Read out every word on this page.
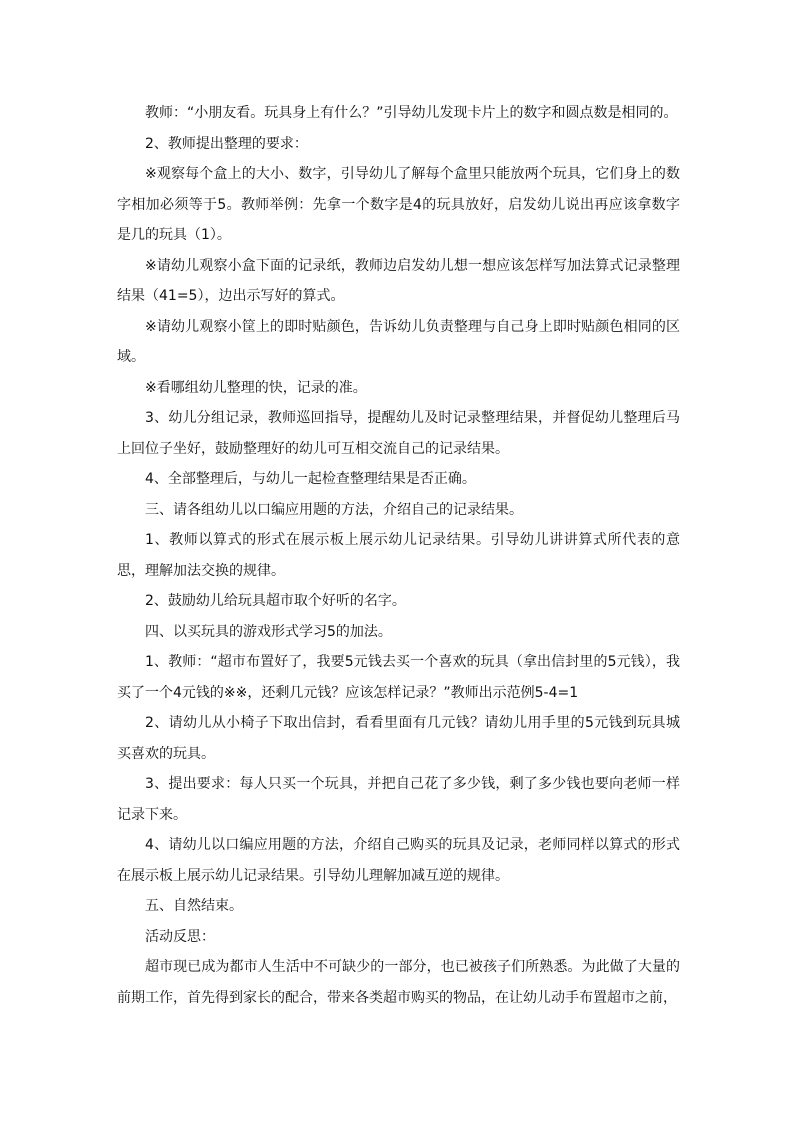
教师：“小朋友看。玩具身上有什么？”引导幼儿发现卡片上的数字和圆点数是相同的。

2、教师提出整理的要求：

※观察每个盒上的大小、数字，引导幼儿了解每个盒里只能放两个玩具，它们身上的数字相加必须等于5。教师举例：先拿一个数字是4的玩具放好，启发幼儿说出再应该拿数字是几的玩具（1）。

※请幼儿观察小盒下面的记录纸，教师边启发幼儿想一想应该怎样写加法算式记录整理结果（41=5），边出示写好的算式。

※请幼儿观察小筐上的即时贴颜色，告诉幼儿负责整理与自己身上即时贴颜色相同的区域。

※看哪组幼儿整理的快，记录的准。

3、幼儿分组记录，教师巡回指导，提醒幼儿及时记录整理结果，并督促幼儿整理后马上回位子坐好，鼓励整理好的幼儿可互相交流自己的记录结果。

4、全部整理后，与幼儿一起检查整理结果是否正确。

三、请各组幼儿以口编应用题的方法，介绍自己的记录结果。

1、教师以算式的形式在展示板上展示幼儿记录结果。引导幼儿讲讲算式所代表的意思，理解加法交换的规律。

2、鼓励幼儿给玩具超市取个好听的名字。

四、以买玩具的游戏形式学习5的加法。

1、教师：“超市布置好了，我要5元钱去买一个喜欢的玩具（拿出信封里的5元钱），我买了一个4元钱的※※，还剩几元钱？应该怎样记录？”教师出示范例5-4=1

2、请幼儿从小椅子下取出信封，看看里面有几元钱？请幼儿用手里的5元钱到玩具城买喜欢的玩具。

3、提出要求：每人只买一个玩具，并把自己花了多少钱，剩了多少钱也要向老师一样记录下来。

4、请幼儿以口编应用题的方法，介绍自己购买的玩具及记录，老师同样以算式的形式在展示板上展示幼儿记录结果。引导幼儿理解加减互逆的规律。

五、自然结束。

活动反思：

超市现已成为都市人生活中不可缺少的一部分，也已被孩子们所熟悉。为此做了大量的前期工作，首先得到家长的配合，带来各类超市购买的物品，在让幼儿动手布置超市之前，
